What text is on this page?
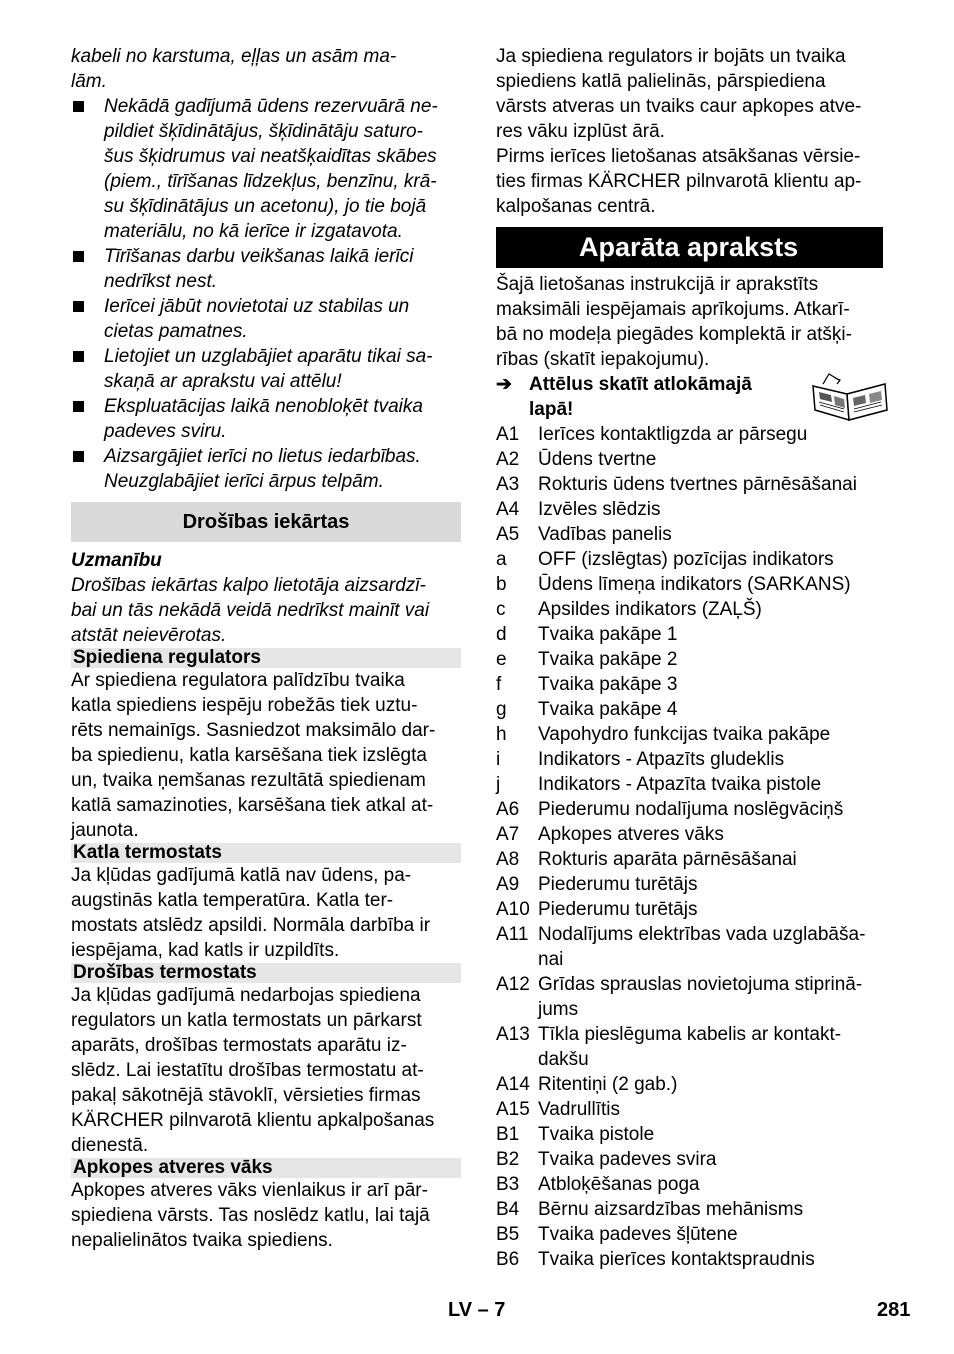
kabeli no karstuma, eļļas un asām ma-
lām.
Nekādā gadījumā ūdens rezervuārā ne-
pildiet šķīdinātājus, šķīdinātāju saturo-
šus šķidrumus vai neatšķaidītas skābes
(piem., tīrīšanas līdzekļus, benzīnu, krā-
su šķīdinātājus un acetonu), jo tie bojā
materiālu, no kā ierīce ir izgatavota.
Tīrīšanas darbu veikšanas laikā ierīci
nedrīkst nest.
Ierīcei jābūt novietotai uz stabilas un
cietas pamatnes.
Lietojiet un uzglabājiet aparātu tikai sa-
skaņā ar aprakstu vai attēlu!
Ekspluatācijas laikā nenobloķēt tvaika
padeves sviru.
Aizsargājiet ierīci no lietus iedarbības.
Neuzglabājiet ierīci ārpus telpām.
Drošības iekārtas
Uzmanību
Drošības iekārtas kalpo lietotāja aizsardzī-
bai un tās nekādā veidā nedrīkst mainīt vai
atstāt neievērotas.
Spiediena regulators
Ar spiediena regulatora palīdzību tvaika
katla spiediens iespēju robežās tiek uztu-
rēts nemainīgs. Sasniedzot maksimālo dar-
ba spiedienu, katla karsēšana tiek izslēgta
un, tvaika ņemšanas rezultātā spiedienam
katlā samazinoties, karsēšana tiek atkal at-
jaunota.
Katla termostats
Ja kļūdas gadījumā katlā nav ūdens, pa-
augstinās katla temperatūra. Katla ter-
mostats atslēdz apsildi. Normāla darbība ir
iespējama, kad katls ir uzpildīts.
Drošības termostats
Ja kļūdas gadījumā nedarbojas spiediena
regulators un katla termostats un pārkarst
aparāts, drošības termostats aparātu iz-
slēdz. Lai iestatītu drošības termostatu at-
pakaļ sākotnējā stāvoklī, vērsieties firmas
KÄRCHER pilnvarotā klientu apkalpošanas
dienestā.
Apkopes atveres vāks
Apkopes atveres vāks vienlaikus ir arī pār-
spiediena vārsts. Tas noslēdz katlu, lai tajā
nepalielinātos tvaika spiediens.
Ja spiediena regulators ir bojāts un tvaika
spiediens katlā palielinās, pārspiediena
vārsts atveras un tvaiks caur apkopes atve-
res vāku izplūst ārā.
Pirms ierīces lietošanas atsākšanas vērsie-
ties firmas KÄRCHER pilnvarotā klientu ap-
kalpošanas centrā.
Aparāta apraksts
Šajā lietošanas instrukcijā ir aprakstīts
maksimāli iespējamais aprīkojums. Atkarī-
bā no modeļa piegādes komplektā ir atšķi-
rības (skatīt iepakojumu).
➔ Attēlus skatīt atlokāmajā
lapā!
A1 Ierīces kontaktligzda ar pārsegu
A2 Ūdens tvertne
A3 Rokturis ūdens tvertnes pārnēsāšanai
A4 Izvēles slēdzis
A5 Vadības panelis
a OFF (izslēgtas) pozīcijas indikators
b Ūdens līmeņa indikators (SARKANS)
c Apsildes indikators (ZAĻŠ)
d Tvaika pakāpe 1
e Tvaika pakāpe 2
f Tvaika pakāpe 3
g Tvaika pakāpe 4
h Vapohydro funkcijas tvaika pakāpe
i Indikators - Atpazīts gludeklis
j Indikators - Atpazīta tvaika pistole
A6 Piederumu nodalījuma noslēgvāciņš
A7 Apkopes atveres vāks
A8 Rokturis aparāta pārnēsāšanai
A9 Piederumu turētājs
A10 Piederumu turētājs
A11 Nodalījums elektrības vada uzglabāša-
nai
A12 Grīdas sprauslas novietojuma stiprinā-
jums
A13 Tīkla pieslēguma kabelis ar kontakt-
dakšu
A14 Ritentiņi (2 gab.)
A15 Vadrullītis
B1 Tvaika pistole
B2 Tvaika padeves svira
B3 Atbloķēšanas poga
B4 Bērnu aizsardzības mehānisms
B5 Tvaika padeves šļūtene
B6 Tvaika pierīces kontaktspraudnis
LV – 7	281
